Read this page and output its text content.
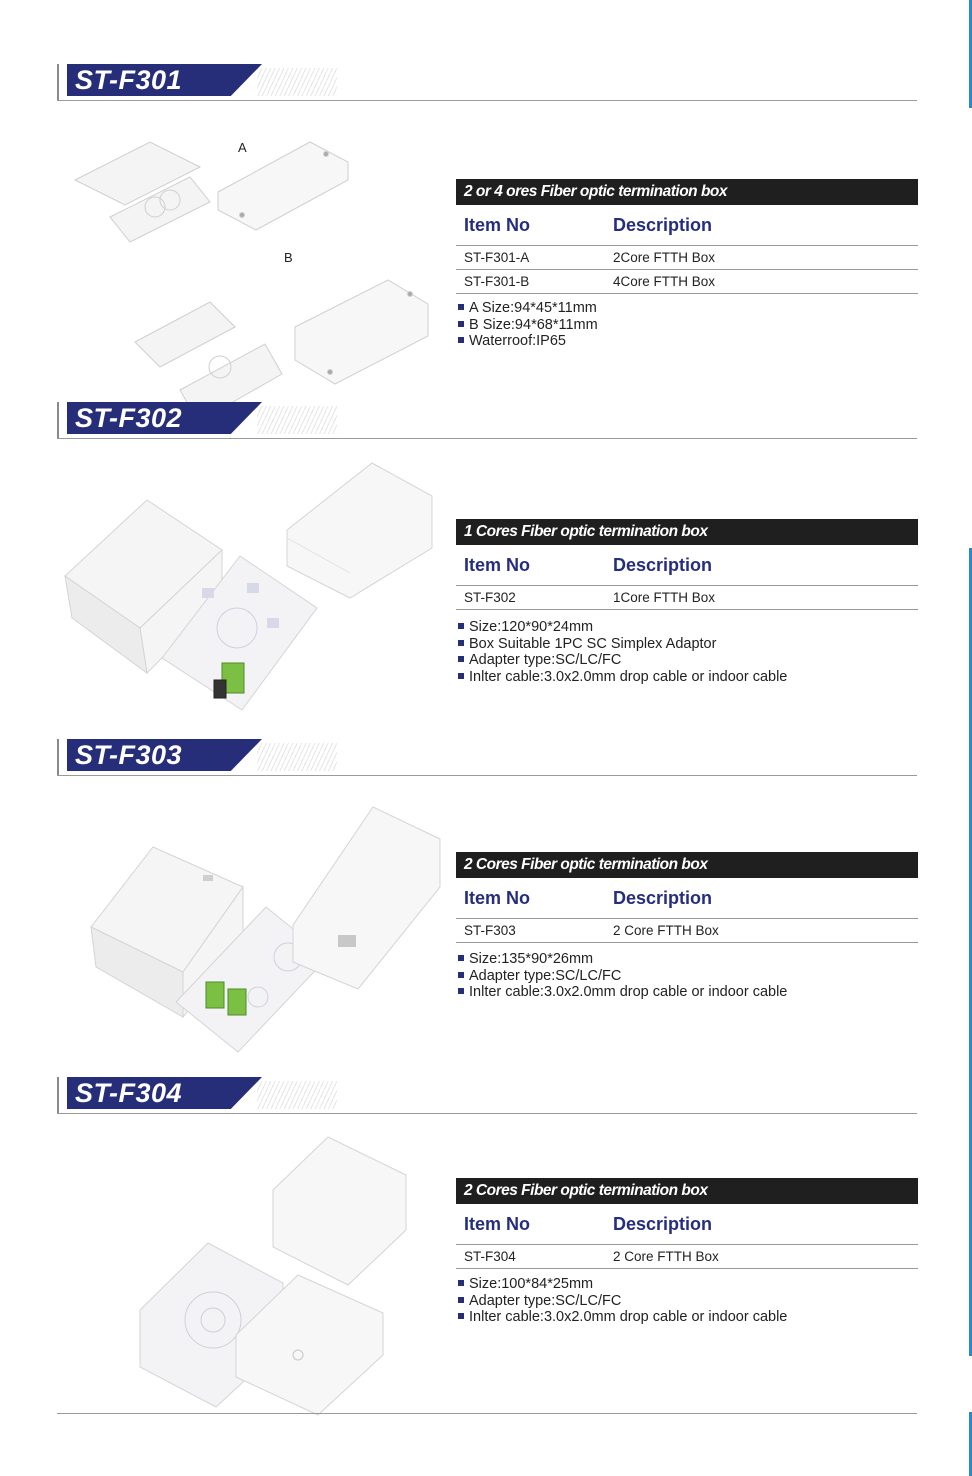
ST-F301
A
B
2 or 4 ores Fiber optic termination box
Item No	Description
ST-F301-A	2Core FTTH Box
ST-F301-B	4Core FTTH Box
A Size:94*45*11mm
B Size:94*68*11mm
Waterroof:IP65
ST-F302
1 Cores Fiber optic termination box
Item No	Description
ST-F302	1Core FTTH Box
Size:120*90*24mm
Box Suitable 1PC SC Simplex Adaptor
Adapter type:SC/LC/FC
Inlter cable:3.0x2.0mm drop cable or indoor cable
ST-F303
2 Cores Fiber optic termination box
Item No	Description
ST-F303	2 Core FTTH Box
Size:135*90*26mm
Adapter type:SC/LC/FC
Inlter cable:3.0x2.0mm drop cable or indoor cable
ST-F304
2 Cores Fiber optic termination box
Item No	Description
ST-F304	2 Core FTTH Box
Size:100*84*25mm
Adapter type:SC/LC/FC
Inlter cable:3.0x2.0mm drop cable or indoor cable
